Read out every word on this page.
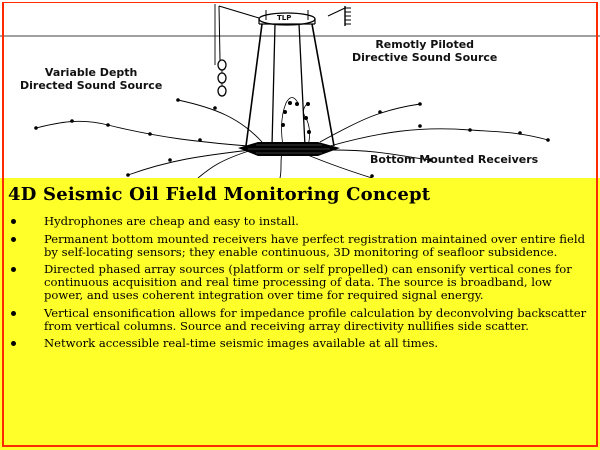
TLP
Variable Depth
Directed Sound Source
Remotly Piloted
Directive Sound Source
Bottom Mounted Receivers
4D Seismic Oil Field Monitoring Concept
Hydrophones are cheap and easy to install.
Permanent bottom mounted receivers have perfect registration maintained over entire field by self-locating sensors; they enable continuous, 3D monitoring of seafloor subsidence.
Directed phased array sources (platform or self propelled) can ensonify vertical cones for continuous acquisition and real time processing of data. The source is broadband, low power, and uses coherent integration over time for required signal energy.
Vertical ensonification allows for impedance profile calculation by deconvolving backscatter from vertical columns. Source and receiving array directivity nullifies side scatter.
Network accessible real-time seismic images available at all times.
